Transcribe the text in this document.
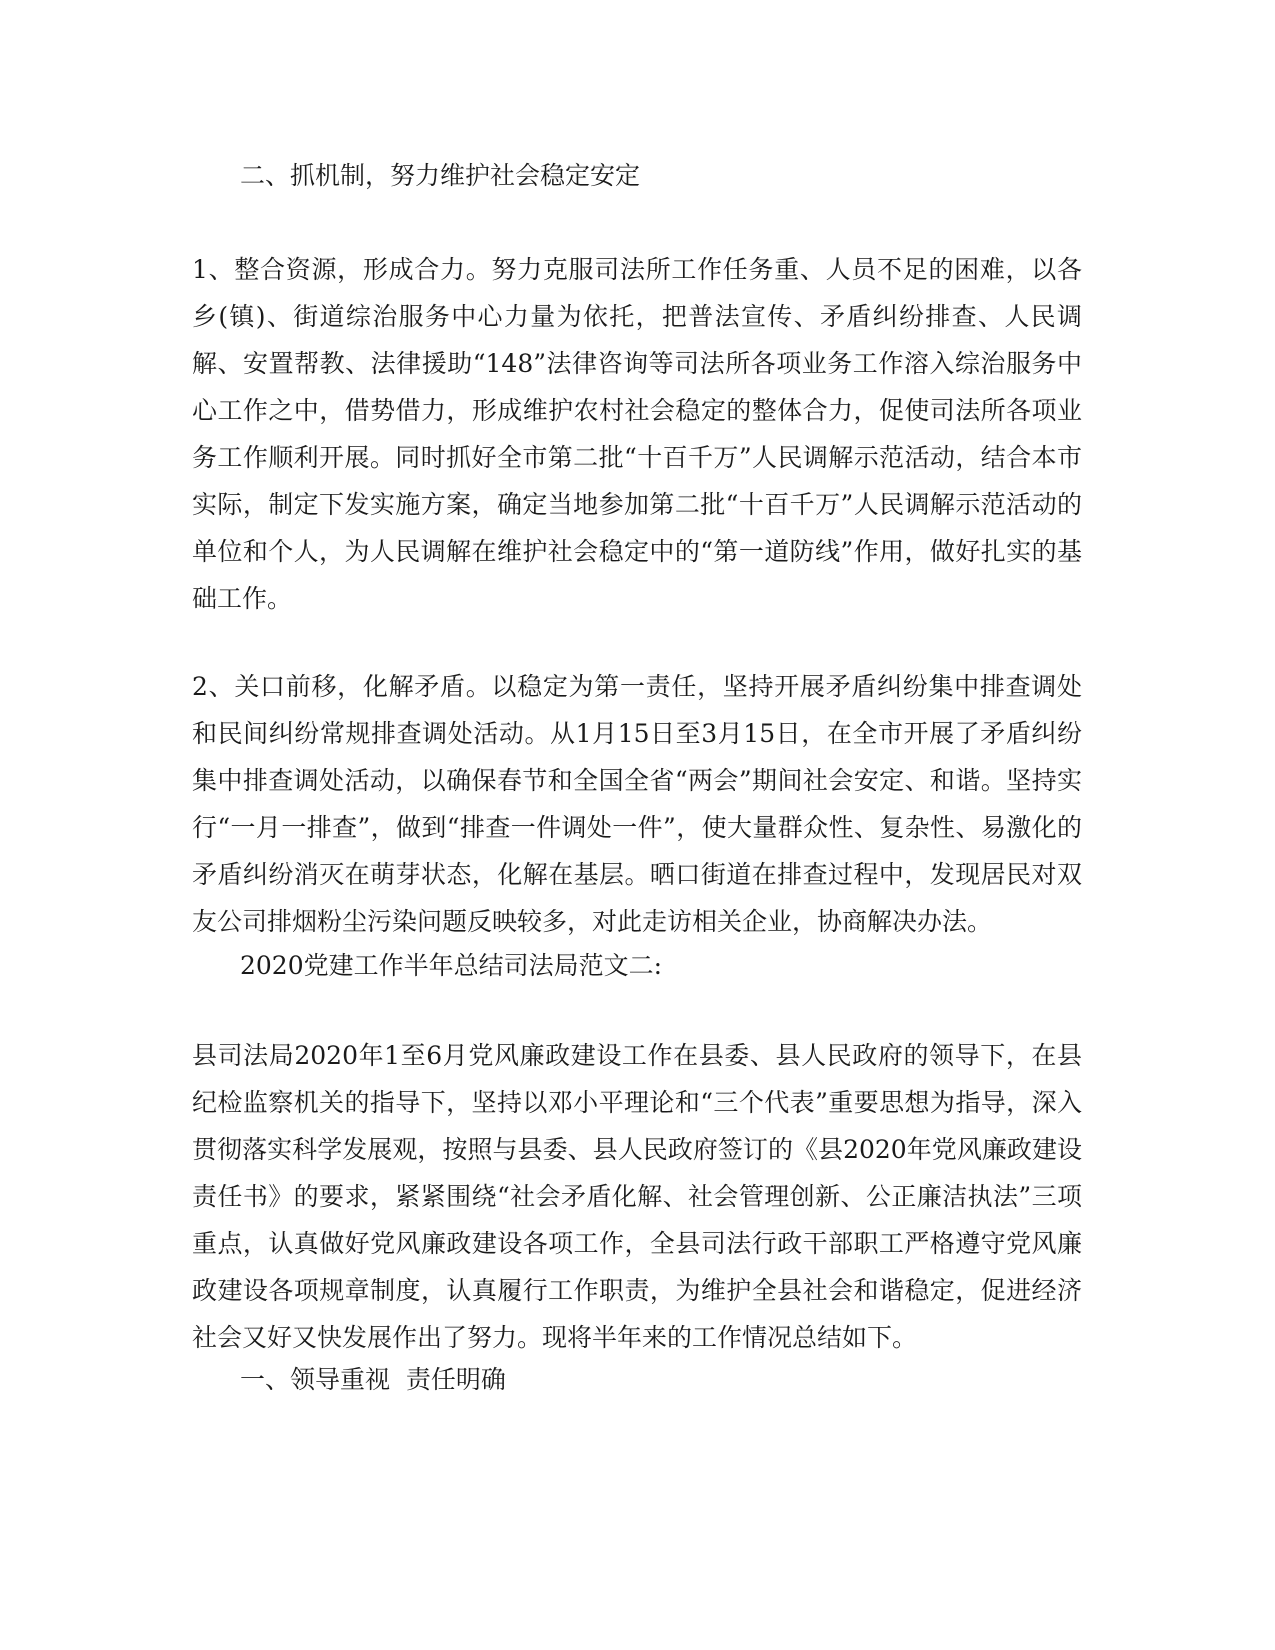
二、抓机制，努力维护社会稳定安定

1、整合资源，形成合力。努力克服司法所工作任务重、人员不足的困难，以各乡(镇)、街道综治服务中心力量为依托，把普法宣传、矛盾纠纷排查、人民调解、安置帮教、法律援助“148”法律咨询等司法所各项业务工作溶入综治服务中心工作之中，借势借力，形成维护农村社会稳定的整体合力，促使司法所各项业务工作顺利开展。同时抓好全市第二批“十百千万”人民调解示范活动，结合本市实际，制定下发实施方案，确定当地参加第二批“十百千万”人民调解示范活动的单位和个人，为人民调解在维护社会稳定中的“第一道防线”作用，做好扎实的基础工作。

2、关口前移，化解矛盾。以稳定为第一责任，坚持开展矛盾纠纷集中排查调处和民间纠纷常规排查调处活动。从1月15日至3月15日，在全市开展了矛盾纠纷集中排查调处活动，以确保春节和全国全省“两会”期间社会安定、和谐。坚持实行“一月一排查”，做到“排查一件调处一件”，使大量群众性、复杂性、易激化的矛盾纠纷消灭在萌芽状态，化解在基层。晒口街道在排查过程中，发现居民对双友公司排烟粉尘污染问题反映较多，对此走访相关企业，协商解决办法。

2020党建工作半年总结司法局范文二:

县司法局2020年1至6月党风廉政建设工作在县委、县人民政府的领导下，在县纪检监察机关的指导下，坚持以邓小平理论和“三个代表”重要思想为指导，深入贯彻落实科学发展观，按照与县委、县人民政府签订的《县2020年党风廉政建设责任书》的要求，紧紧围绕“社会矛盾化解、社会管理创新、公正廉洁执法”三项重点，认真做好党风廉政建设各项工作，全县司法行政干部职工严格遵守党风廉政建设各项规章制度，认真履行工作职责，为维护全县社会和谐稳定，促进经济社会又好又快发展作出了努力。现将半年来的工作情况总结如下。

一、领导重视  责任明确
